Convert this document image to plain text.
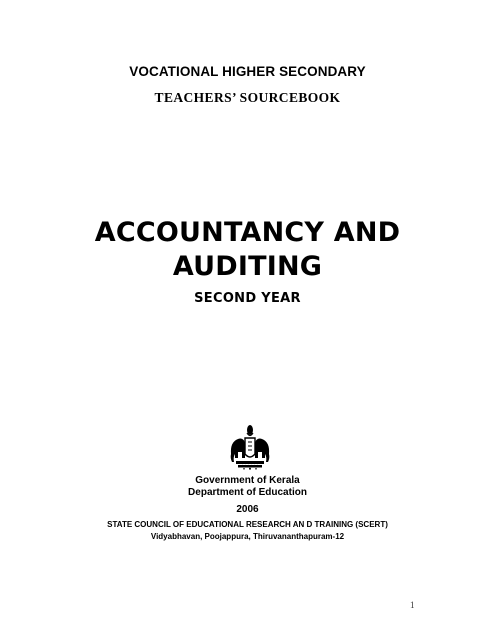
VOCATIONAL HIGHER SECONDARY
TEACHERS’ SOURCEBOOK
ACCOUNTANCY AND
AUDITING
SECOND YEAR
Government of Kerala
Department of Education
2006
STATE COUNCIL OF EDUCATIONAL RESEARCH AN D TRAINING (SCERT)
Vidyabhavan, Poojappura, Thiruvananthapuram-12
1
